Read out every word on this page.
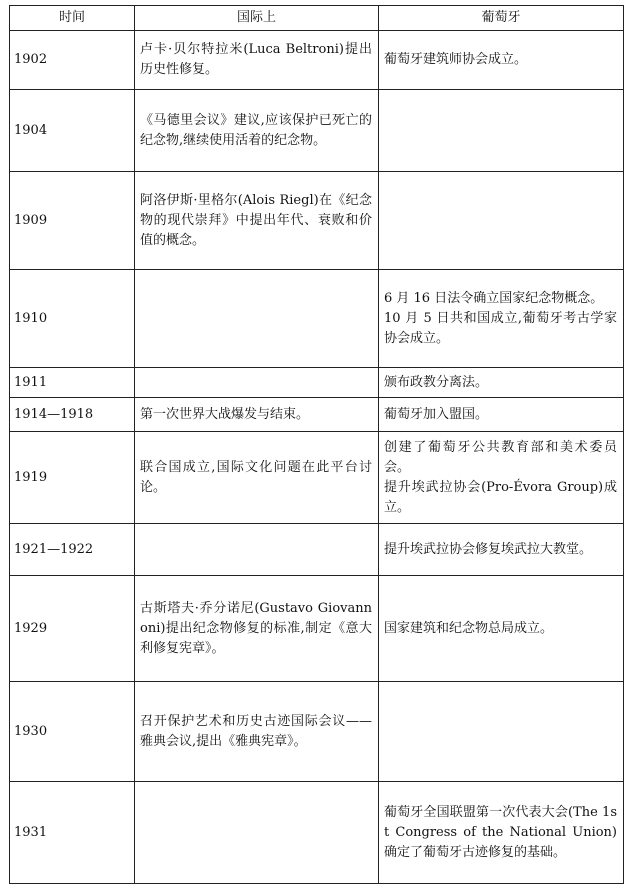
时间	国际上	葡萄牙
1902	卢卡·贝尔特拉米(Luca Beltroni)提出历史性修复。	葡萄牙建筑师协会成立。

1904	《马德里会议》建议,应该保护已死亡的纪念物,继续使用活着的纪念物。	
1909	阿洛伊斯·里格尔(Alois Riegl)在《纪念物的现代崇拜》中提出年代、衰败和价值的概念。	
1910		6 月 16 日法令确立国家纪念物概念。
10 月 5 日共和国成立,葡萄牙考古学家协会成立。

1911		颁布政教分离法。

1914—1918	第一次世界大战爆发与结束。	葡萄牙加入盟国。

1919	联合国成立,国际文化问题在此平台讨论。	创建了葡萄牙公共教育部和美术委员会。
提升埃武拉协会(Pro-Évora Group)成立。

1921—1922		提升埃武拉协会修复埃武拉大教堂。

1929	古斯塔夫·乔分诺尼(Gustavo Giovannoni)提出纪念物修复的标准,制定《意大利修复宪章》。	国家建筑和纪念物总局成立。

1930	召开保护艺术和历史古迹国际会议——雅典会议,提出《雅典宪章》。	
1931		葡萄牙全国联盟第一次代表大会(The 1st Congress of the National Union)确定了葡萄牙古迹修复的基础。
